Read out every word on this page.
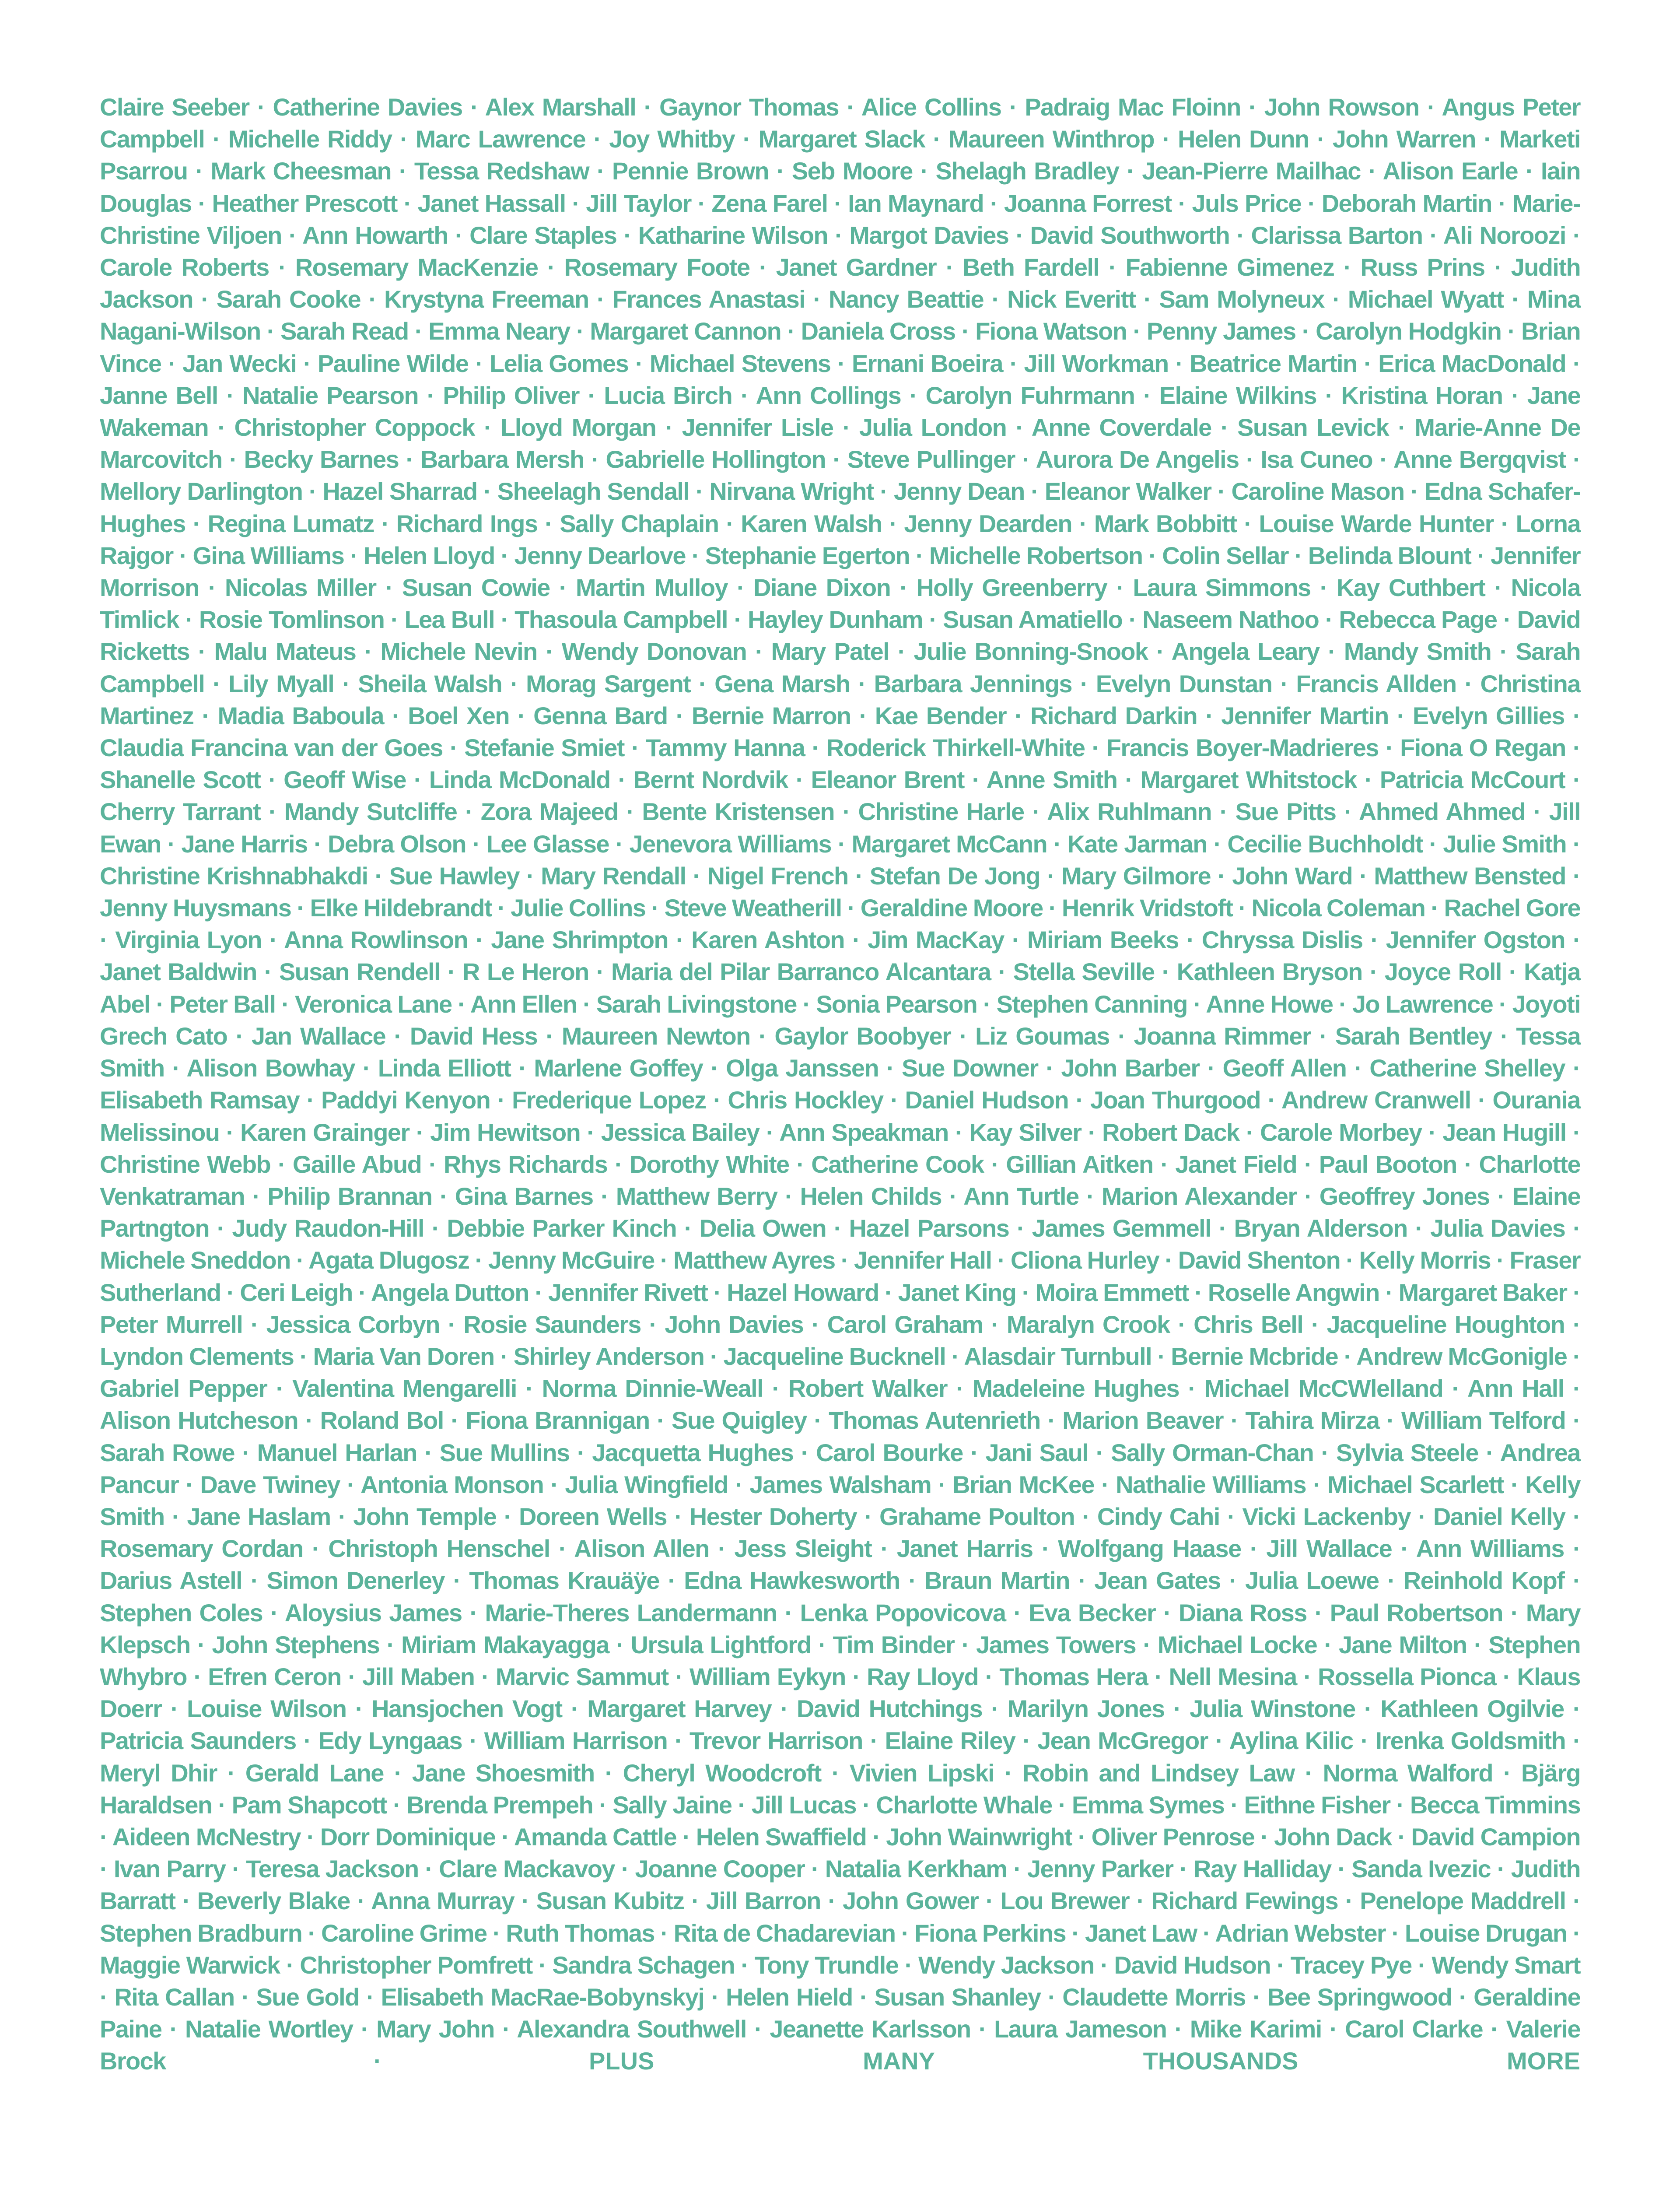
Claire Seeber · Catherine Davies · Alex Marshall · Gaynor Thomas · Alice Collins · Padraig Mac Floinn · John Rowson · Angus Peter Campbell · Michelle Riddy · Marc Lawrence · Joy Whitby · Margaret Slack · Maureen Winthrop · Helen Dunn · John Warren · Marketi Psarrou · Mark Cheesman · Tessa Redshaw · Pennie Brown · Seb Moore · Shelagh Bradley · Jean-Pierre Mailhac · Alison Earle · Iain Douglas · Heather Prescott · Janet Hassall · Jill Taylor · Zena Farel · Ian Maynard · Joanna Forrest · Juls Price · Deborah Martin · Marie-Christine Viljoen · Ann Howarth · Clare Staples · Katharine Wilson · Margot Davies · David Southworth · Clarissa Barton · Ali Noroozi · Carole Roberts · Rosemary MacKenzie · Rosemary Foote · Janet Gardner · Beth Fardell · Fabienne Gimenez · Russ Prins · Judith Jackson · Sarah Cooke · Krystyna Freeman · Frances Anastasi · Nancy Beattie · Nick Everitt · Sam Molyneux · Michael Wyatt · Mina Nagani-Wilson · Sarah Read · Emma Neary · Margaret Cannon · Daniela Cross · Fiona Watson · Penny James · Carolyn Hodgkin · Brian Vince · Jan Wecki · Pauline Wilde · Lelia Gomes · Michael Stevens · Ernani Boeira · Jill Workman · Beatrice Martin · Erica MacDonald · Janne Bell · Natalie Pearson · Philip Oliver · Lucia Birch · Ann Collings · Carolyn Fuhrmann · Elaine Wilkins · Kristina Horan · Jane Wakeman · Christopher Coppock · Lloyd Morgan · Jennifer Lisle · Julia London · Anne Coverdale · Susan Levick · Marie-Anne De Marcovitch · Becky Barnes · Barbara Mersh · Gabrielle Hollington · Steve Pullinger · Aurora De Angelis · Isa Cuneo · Anne Bergqvist · Mellory Darlington · Hazel Sharrad · Sheelagh Sendall · Nirvana Wright · Jenny Dean · Eleanor Walker · Caroline Mason · Edna Schafer-Hughes · Regina Lumatz · Richard Ings · Sally Chaplain · Karen Walsh · Jenny Dearden · Mark Bobbitt · Louise Warde Hunter · Lorna Rajgor · Gina Williams · Helen Lloyd · Jenny Dearlove · Stephanie Egerton · Michelle Robertson · Colin Sellar · Belinda Blount · Jennifer Morrison · Nicolas Miller · Susan Cowie · Martin Mulloy · Diane Dixon · Holly Greenberry · Laura Simmons · Kay Cuthbert · Nicola Timlick · Rosie Tomlinson · Lea Bull · Thasoula Campbell · Hayley Dunham · Susan Amatiello · Naseem Nathoo · Rebecca Page · David Ricketts · Malu Mateus · Michele Nevin · Wendy Donovan · Mary Patel · Julie Bonning-Snook · Angela Leary · Mandy Smith · Sarah Campbell · Lily Myall · Sheila Walsh · Morag Sargent · Gena Marsh · Barbara Jennings · Evelyn Dunstan · Francis Allden · Christina Martinez · Madia Baboula · Boel Xen · Genna Bard · Bernie Marron · Kae Bender · Richard Darkin · Jennifer Martin · Evelyn Gillies · Claudia Francina van der Goes · Stefanie Smiet · Tammy Hanna · Roderick Thirkell-White · Francis Boyer-Madrieres · Fiona O Regan · Shanelle Scott · Geoff Wise · Linda McDonald · Bernt Nordvik · Eleanor Brent · Anne Smith · Margaret Whitstock · Patricia McCourt · Cherry Tarrant · Mandy Sutcliffe · Zora Majeed · Bente Kristensen · Christine Harle · Alix Ruhlmann · Sue Pitts · Ahmed Ahmed · Jill Ewan · Jane Harris · Debra Olson · Lee Glasse · Jenevora Williams · Margaret McCann · Kate Jarman · Cecilie Buchholdt · Julie Smith · Christine Krishnabhakdi · Sue Hawley · Mary Rendall · Nigel French · Stefan De Jong · Mary Gilmore · John Ward · Matthew Bensted · Jenny Huysmans · Elke Hildebrandt · Julie Collins · Steve Weatherill · Geraldine Moore · Henrik Vridstoft · Nicola Coleman · Rachel Gore · Virginia Lyon · Anna Rowlinson · Jane Shrimpton · Karen Ashton · Jim MacKay · Miriam Beeks · Chryssa Dislis · Jennifer Ogston · Janet Baldwin · Susan Rendell · R Le Heron · Maria del Pilar Barranco Alcantara · Stella Seville · Kathleen Bryson · Joyce Roll · Katja Abel · Peter Ball · Veronica Lane · Ann Ellen · Sarah Livingstone · Sonia Pearson · Stephen Canning · Anne Howe · Jo Lawrence · Joyoti Grech Cato · Jan Wallace · David Hess · Maureen Newton · Gaylor Boobyer · Liz Goumas · Joanna Rimmer · Sarah Bentley · Tessa Smith · Alison Bowhay · Linda Elliott · Marlene Goffey · Olga Janssen · Sue Downer · John Barber · Geoff Allen · Catherine Shelley · Elisabeth Ramsay · Paddyi Kenyon · Frederique Lopez · Chris Hockley · Daniel Hudson · Joan Thurgood · Andrew Cranwell · Ourania Melissinou · Karen Grainger · Jim Hewitson · Jessica Bailey · Ann Speakman · Kay Silver · Robert Dack · Carole Morbey · Jean Hugill · Christine Webb · Gaille Abud · Rhys Richards · Dorothy White · Catherine Cook · Gillian Aitken · Janet Field · Paul Booton · Charlotte Venkatraman · Philip Brannan · Gina Barnes · Matthew Berry · Helen Childs · Ann Turtle · Marion Alexander · Geoffrey Jones · Elaine Partngton · Judy Raudon-Hill · Debbie Parker Kinch · Delia Owen · Hazel Parsons · James Gemmell · Bryan Alderson · Julia Davies · Michele Sneddon · Agata Dlugosz · Jenny McGuire · Matthew Ayres · Jennifer Hall · Cliona Hurley · David Shenton · Kelly Morris · Fraser Sutherland · Ceri Leigh · Angela Dutton · Jennifer Rivett · Hazel Howard · Janet King · Moira Emmett · Roselle Angwin · Margaret Baker · Peter Murrell · Jessica Corbyn · Rosie Saunders · John Davies · Carol Graham · Maralyn Crook · Chris Bell · Jacqueline Houghton · Lyndon Clements · Maria Van Doren · Shirley Anderson · Jacqueline Bucknell · Alasdair Turnbull · Bernie Mcbride · Andrew McGonigle · Gabriel Pepper · Valentina Mengarelli · Norma Dinnie-Weall · Robert Walker · Madeleine Hughes · Michael McCWlelland · Ann Hall · Alison Hutcheson · Roland Bol · Fiona Brannigan · Sue Quigley · Thomas Autenrieth · Marion Beaver · Tahira Mirza · William Telford · Sarah Rowe · Manuel Harlan · Sue Mullins · Jacquetta Hughes · Carol Bourke · Jani Saul · Sally Orman-Chan · Sylvia Steele · Andrea Pancur · Dave Twiney · Antonia Monson · Julia Wingfield · James Walsham · Brian McKee · Nathalie Williams · Michael Scarlett · Kelly Smith · Jane Haslam · John Temple · Doreen Wells · Hester Doherty · Grahame Poulton · Cindy Cahi · Vicki Lackenby · Daniel Kelly · Rosemary Cordan · Christoph Henschel · Alison Allen · Jess Sleight · Janet Harris · Wolfgang Haase · Jill Wallace · Ann Williams · Darius Astell · Simon Denerley · Thomas Krauäÿe · Edna Hawkesworth · Braun Martin · Jean Gates · Julia Loewe · Reinhold Kopf · Stephen Coles · Aloysius James · Marie-Theres Landermann · Lenka Popovicova · Eva Becker · Diana Ross · Paul Robertson · Mary Klepsch · John Stephens · Miriam Makayagga · Ursula Lightford · Tim Binder · James Towers · Michael Locke · Jane Milton · Stephen Whybro · Efren Ceron · Jill Maben · Marvic Sammut · William Eykyn · Ray Lloyd · Thomas Hera · Nell Mesina · Rossella Pionca · Klaus Doerr · Louise Wilson · Hansjochen Vogt · Margaret Harvey · David Hutchings · Marilyn Jones · Julia Winstone · Kathleen Ogilvie · Patricia Saunders · Edy Lyngaas · William Harrison · Trevor Harrison · Elaine Riley · Jean McGregor · Aylina Kilic · Irenka Goldsmith · Meryl Dhir · Gerald Lane · Jane Shoesmith · Cheryl Woodcroft · Vivien Lipski · Robin and Lindsey Law · Norma Walford · Bjärg Haraldsen · Pam Shapcott · Brenda Prempeh · Sally Jaine · Jill Lucas · Charlotte Whale · Emma Symes · Eithne Fisher · Becca Timmins · Aideen McNestry · Dorr Dominique · Amanda Cattle · Helen Swaffield · John Wainwright · Oliver Penrose · John Dack · David Campion · Ivan Parry · Teresa Jackson · Clare Mackavoy · Joanne Cooper · Natalia Kerkham · Jenny Parker · Ray Halliday · Sanda Ivezic · Judith Barratt · Beverly Blake · Anna Murray · Susan Kubitz · Jill Barron · John Gower · Lou Brewer · Richard Fewings · Penelope Maddrell · Stephen Bradburn · Caroline Grime · Ruth Thomas · Rita de Chadarevian · Fiona Perkins · Janet Law · Adrian Webster · Louise Drugan · Maggie Warwick · Christopher Pomfrett · Sandra Schagen · Tony Trundle · Wendy Jackson · David Hudson · Tracey Pye · Wendy Smart · Rita Callan · Sue Gold · Elisabeth MacRae-Bobynskyj · Helen Hield · Susan Shanley · Claudette Morris · Bee Springwood · Geraldine Paine · Natalie Wortley · Mary John · Alexandra Southwell · Jeanette Karlsson · Laura Jameson · Mike Karimi · Carol Clarke · Valerie Brock	·	PLUS MANY THOUSANDS MORE
